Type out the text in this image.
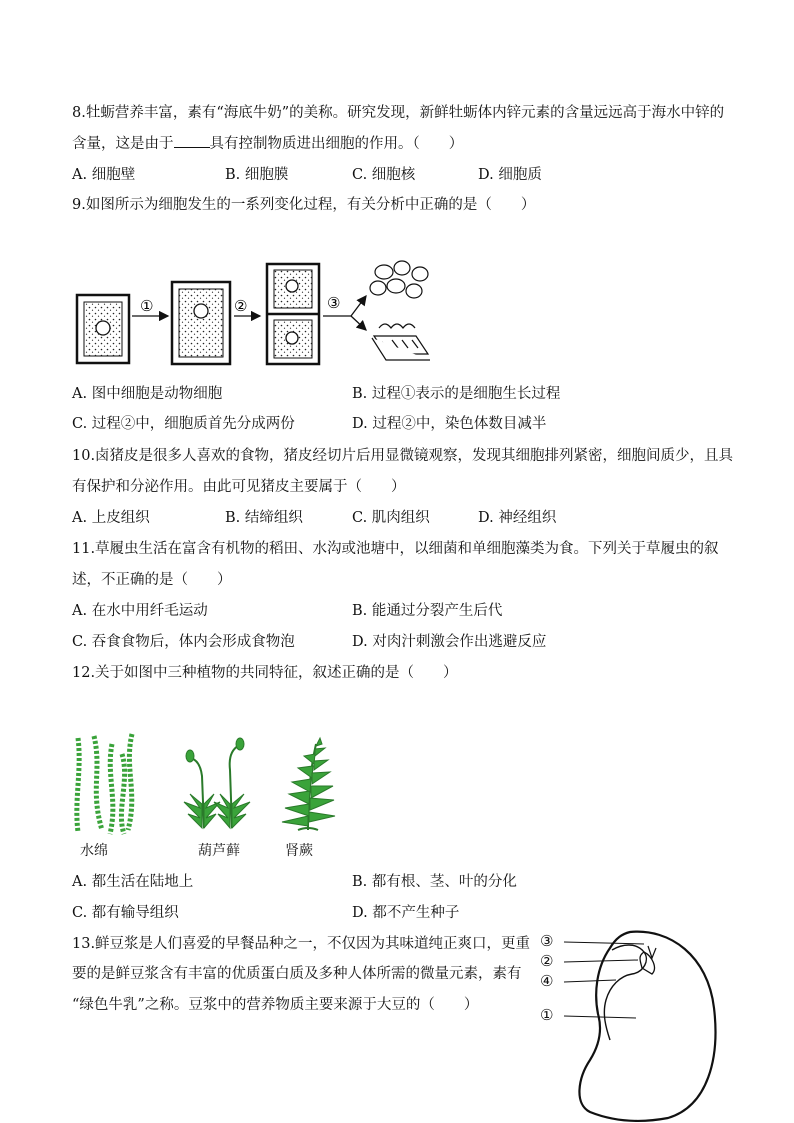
8.牡蛎营养丰富，素有“海底牛奶”的美称。研究发现，新鲜牡蛎体内锌元素的含量远远高于海水中锌的
含量，这是由于 具有控制物质进出细胞的作用。（　　）
A. 细胞壁	B. 细胞膜	C. 细胞核	D. 细胞质
9.如图所示为细胞发生的一系列变化过程，有关分析中正确的是（　　）
①	②	③
A. 图中细胞是动物细胞	B. 过程①表示的是细胞生长过程
C. 过程②中，细胞质首先分成两份	D. 过程②中，染色体数目减半
10.卤猪皮是很多人喜欢的食物，猪皮经切片后用显微镜观察，发现其细胞排列紧密，细胞间质少，且具
有保护和分泌作用。由此可见猪皮主要属于（　　）
A. 上皮组织	B. 结缔组织	C. 肌肉组织	D. 神经组织
11.草履虫生活在富含有机物的稻田、水沟或池塘中，以细菌和单细胞藻类为食。下列关于草履虫的叙
述，不正确的是（　　）
A. 在水中用纤毛运动	B. 能通过分裂产生后代
C. 吞食食物后，体内会形成食物泡	D. 对肉汁刺激会作出逃避反应
12.关于如图中三种植物的共同特征，叙述正确的是（　　）
水绵	葫芦藓	肾蕨
A. 都生活在陆地上	B. 都有根、茎、叶的分化
C. 都有输导组织	D. 都不产生种子
13.鲜豆浆是人们喜爱的早餐品种之一，不仅因为其味道纯正爽口，更重
要的是鲜豆浆含有丰富的优质蛋白质及多种人体所需的微量元素，素有
“绿色牛乳”之称。豆浆中的营养物质主要来源于大豆的（　　）
③
②
④
①
